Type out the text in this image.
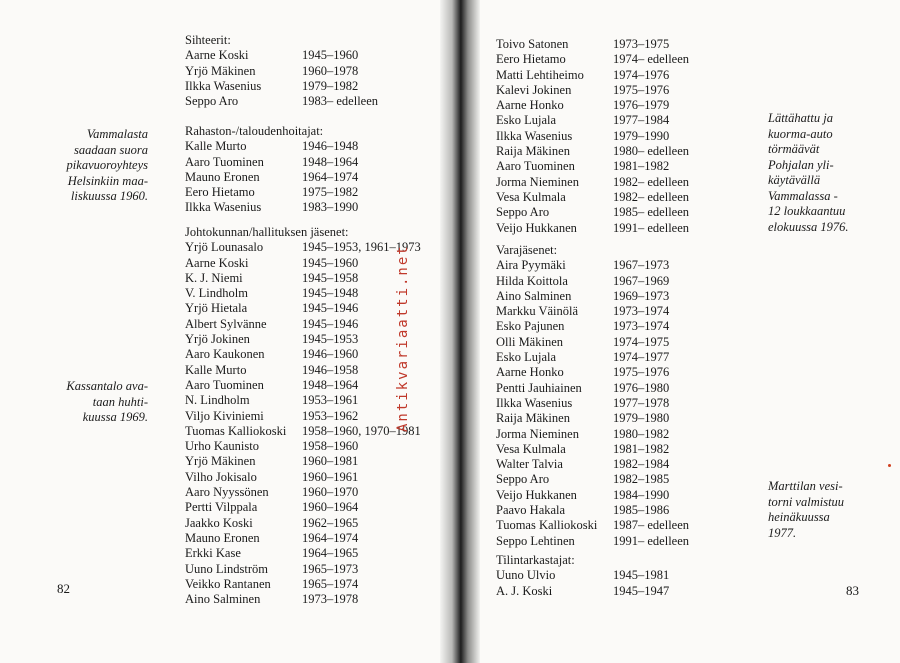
Sihteerit:
Aarne Koski	1945–1960
Yrjö Mäkinen	1960–1978
Ilkka Wasenius	1979–1982
Seppo Aro	1983– edelleen
Rahaston-/taloudenhoitajat:
Kalle Murto	1946–1948
Aaro Tuominen	1948–1964
Mauno Eronen	1964–1974
Eero Hietamo	1975–1982
Ilkka Wasenius	1983–1990
Johtokunnan/hallituksen jäsenet:
Yrjö Lounasalo	1945–1953, 1961–1973
Aarne Koski	1945–1960
K. J. Niemi	1945–1958
V. Lindholm	1945–1948
Yrjö Hietala	1945–1946
Albert Sylvänne	1945–1946
Yrjö Jokinen	1945–1953
Aaro Kaukonen	1946–1960
Kalle Murto	1946–1958
Aaro Tuominen	1948–1964
N. Lindholm	1953–1961
Viljo Kiviniemi	1953–1962
Tuomas Kalliokoski	1958–1960, 1970–1981
Urho Kaunisto	1958–1960
Yrjö Mäkinen	1960–1981
Vilho Jokisalo	1960–1961
Aaro Nyyssönen	1960–1970
Pertti Vilppala	1960–1964
Jaakko Koski	1962–1965
Mauno Eronen	1964–1974
Erkki Kase	1964–1965
Uuno Lindström	1965–1973
Veikko Rantanen	1965–1974
Aino Salminen	1973–1978
Vammalasta
saadaan suora
pikavuoroyhteys
Helsinkiin maa-
liskuussa 1960.
Kassantalo ava-
taan huhti-
kuussa 1969.
82
Toivo Satonen	1973–1975
Eero Hietamo	1974– edelleen
Matti Lehtiheimo	1974–1976
Kalevi Jokinen	1975–1976
Aarne Honko	1976–1979
Esko Lujala	1977–1984
Ilkka Wasenius	1979–1990
Raija Mäkinen	1980– edelleen
Aaro Tuominen	1981–1982
Jorma Nieminen	1982– edelleen
Vesa Kulmala	1982– edelleen
Seppo Aro	1985– edelleen
Veijo Hukkanen	1991– edelleen
Varajäsenet:
Aira Pyymäki	1967–1973
Hilda Koittola	1967–1969
Aino Salminen	1969–1973
Markku Väinölä	1973–1974
Esko Pajunen	1973–1974
Olli Mäkinen	1974–1975
Esko Lujala	1974–1977
Aarne Honko	1975–1976
Pentti Jauhiainen	1976–1980
Ilkka Wasenius	1977–1978
Raija Mäkinen	1979–1980
Jorma Nieminen	1980–1982
Vesa Kulmala	1981–1982
Walter Talvia	1982–1984
Seppo Aro	1982–1985
Veijo Hukkanen	1984–1990
Paavo Hakala	1985–1986
Tuomas Kalliokoski	1987– edelleen
Seppo Lehtinen	1991– edelleen
Tilintarkastajat:
Uuno Ulvio	1945–1981
A. J. Koski	1945–1947
Lättähattu ja
kuorma-auto
törmäävät
Pohjalan yli-
käytävällä
Vammalassa -
12 loukkaantuu
elokuussa 1976.
Marttilan vesi-
torni valmistuu
heinäkuussa
1977.
83
Antikvariaatti.net
